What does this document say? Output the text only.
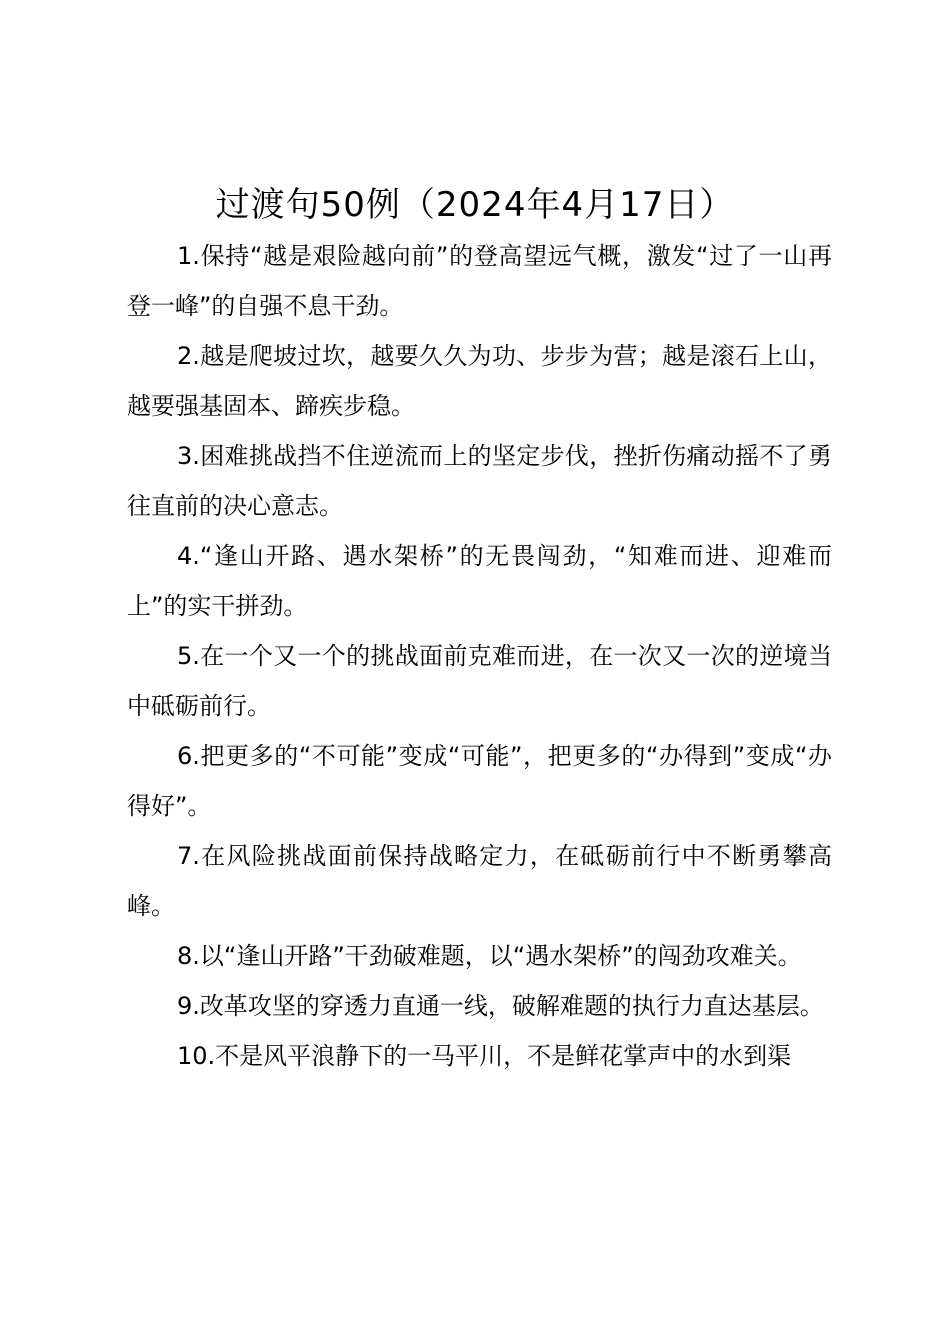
过渡句50例（2024年4月17日）

1.保持“越是艰险越向前”的登高望远气概，激发“过了一山再登一峰”的自强不息干劲。

2.越是爬坡过坎，越要久久为功、步步为营；越是滚石上山，越要强基固本、蹄疾步稳。

3.困难挑战挡不住逆流而上的坚定步伐，挫折伤痛动摇不了勇往直前的决心意志。

4.“逢山开路、遇水架桥”的无畏闯劲，“知难而进、迎难而上”的实干拼劲。

5.在一个又一个的挑战面前克难而进，在一次又一次的逆境当中砥砺前行。

6.把更多的“不可能”变成“可能”，把更多的“办得到”变成“办得好”。

7.在风险挑战面前保持战略定力，在砥砺前行中不断勇攀高峰。

8.以“逢山开路”干劲破难题，以“遇水架桥”的闯劲攻难关。

9.改革攻坚的穿透力直通一线，破解难题的执行力直达基层。

10.不是风平浪静下的一马平川，不是鲜花掌声中的水到渠
